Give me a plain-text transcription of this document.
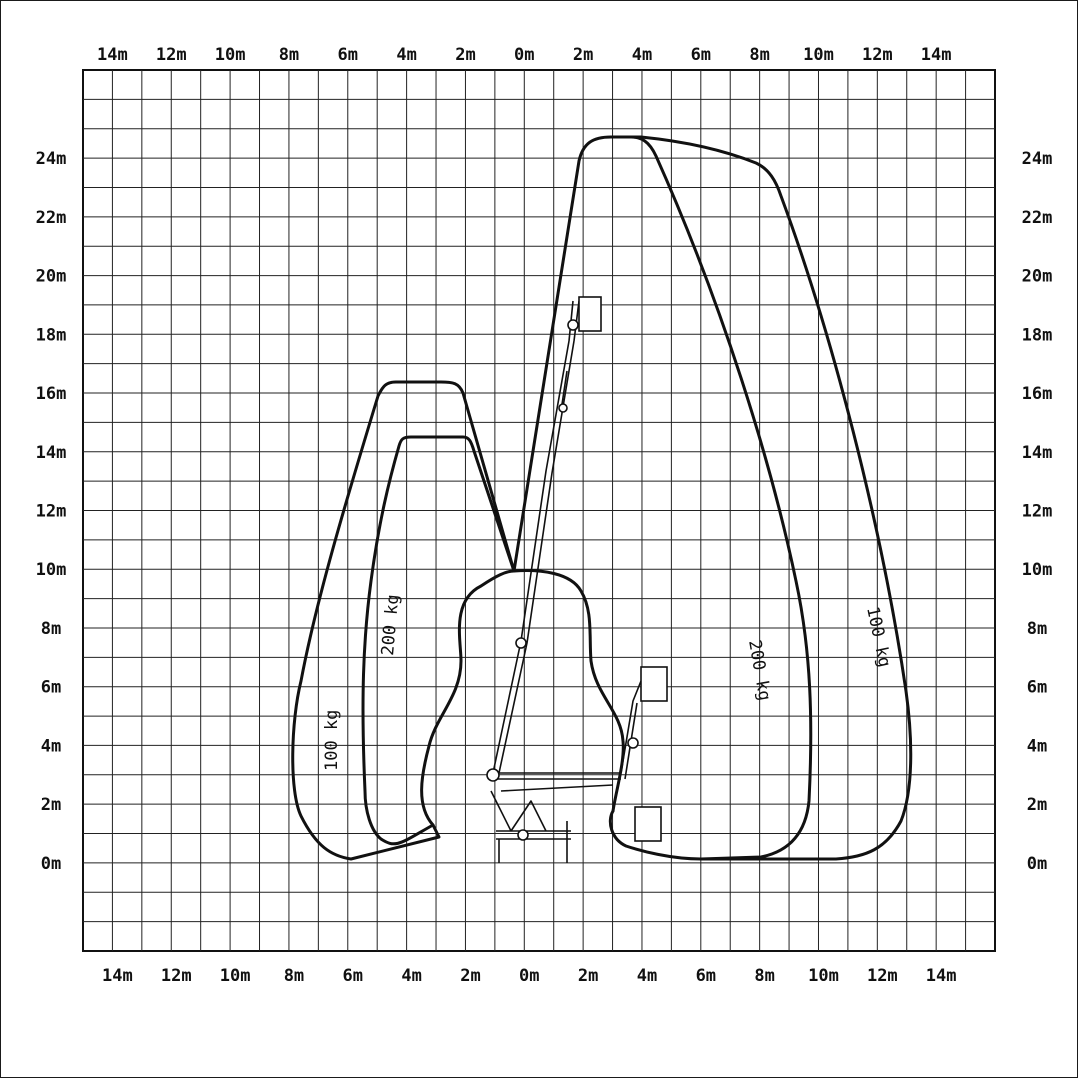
14m
14m
12m
12m
10m
10m
8m
8m
6m
6m
4m
4m
2m
2m
0m
0m
2m
2m
4m
4m
6m
6m
8m
8m
10m
10m
12m
12m
14m
14m
24m	24m
22m	22m
20m	20m
18m	18m
16m	16m
14m	14m
12m	12m
10m	10m
8m	8m
6m	6m
4m	4m
2m	2m
0m	0m
100 kg
200 kg
200 kg
100 kg
